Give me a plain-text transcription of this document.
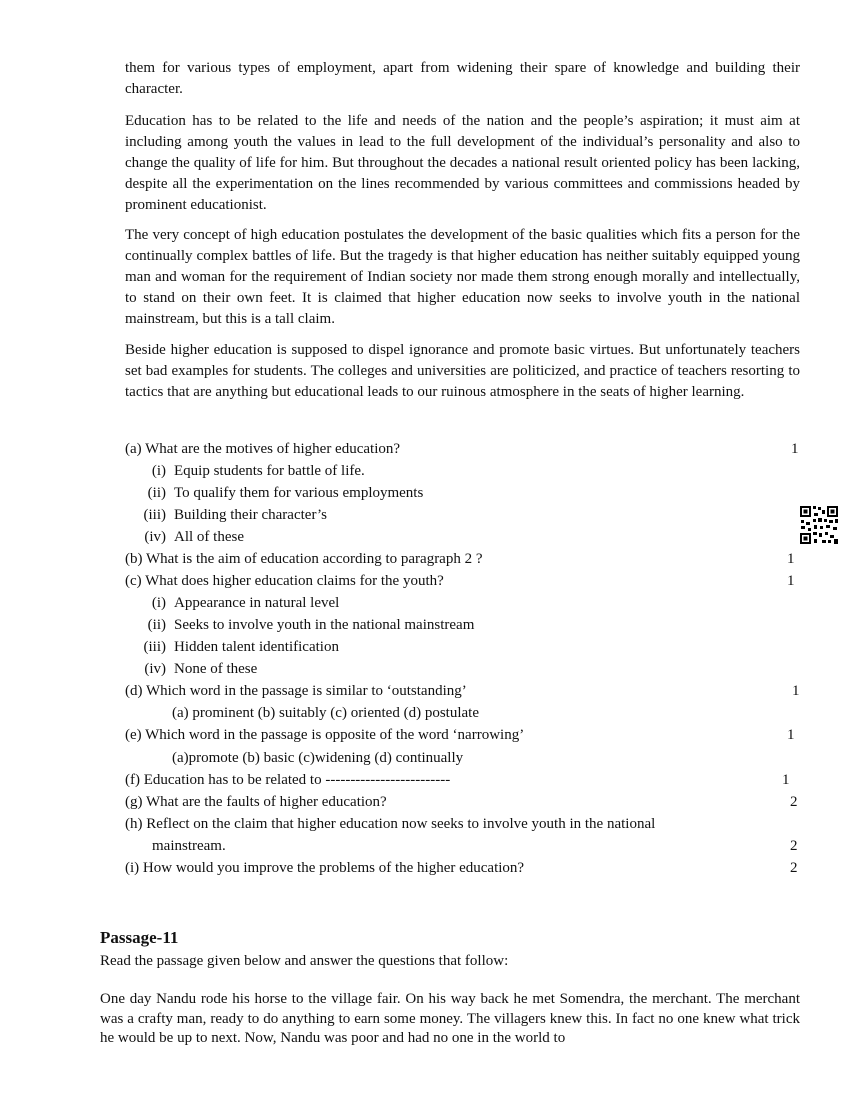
them for various types of employment, apart from widening their spare of knowledge and building their character.

Education has to be related to the life and needs of the nation and the people’s aspiration; it must aim at including among youth the values in lead to the full development of the individual’s personality and also to change the quality of life for him. But throughout the decades a national result oriented policy has been lacking, despite all the experimentation on the lines recommended by various committees and commissions headed by prominent educationist.

The very concept of high education postulates the development of the basic qualities which fits a person for the continually complex battles of life. But the tragedy is that higher education has neither suitably equipped young man and woman for the requirement of Indian society nor made them strong enough morally and intellectually, to stand on their own feet. It is claimed that higher education now seeks to involve youth in the national mainstream, but this is a tall claim.

Beside higher education is supposed to dispel ignorance and promote basic virtues. But unfortunately teachers set bad examples for students. The colleges and universities are politicized, and practice of teachers resorting to tactics that are anything but educational leads to our ruinous atmosphere in the seats of higher learning.

(a) What are the motives of higher education?	1

(i) Equip students for battle of life.

(ii) To qualify them for various employments

(iii) Building their character’s

(iv) All of these

(b) What is the aim of education according to paragraph 2 ?	1

(c) What does higher education claims for the youth?	1

(i) Appearance in natural level

(ii) Seeks to involve youth in the national mainstream

(iii) Hidden talent identification

(iv) None of these

(d) Which word in the passage is similar to ‘outstanding’	1

(a) prominent (b) suitably (c) oriented (d) postulate

(e) Which word in the passage is opposite of the word ‘narrowing’	1

(a)promote (b) basic (c)widening (d) continually

(f) Education has to be related to -------------------------	1

(g) What are the faults of higher education?	2

(h) Reflect on the claim that higher education now seeks to involve youth in the national

mainstream.	2

(i) How would you improve the problems of the higher education?	2
Passage-11

Read the passage given below and answer the questions that follow:

One day Nandu rode his horse to the village fair. On his way back he met Somendra, the merchant. The merchant was a crafty man, ready to do anything to earn some money. The villagers knew this. In fact no one knew what trick he would be up to next. Now, Nandu was poor and had no one in the world to
